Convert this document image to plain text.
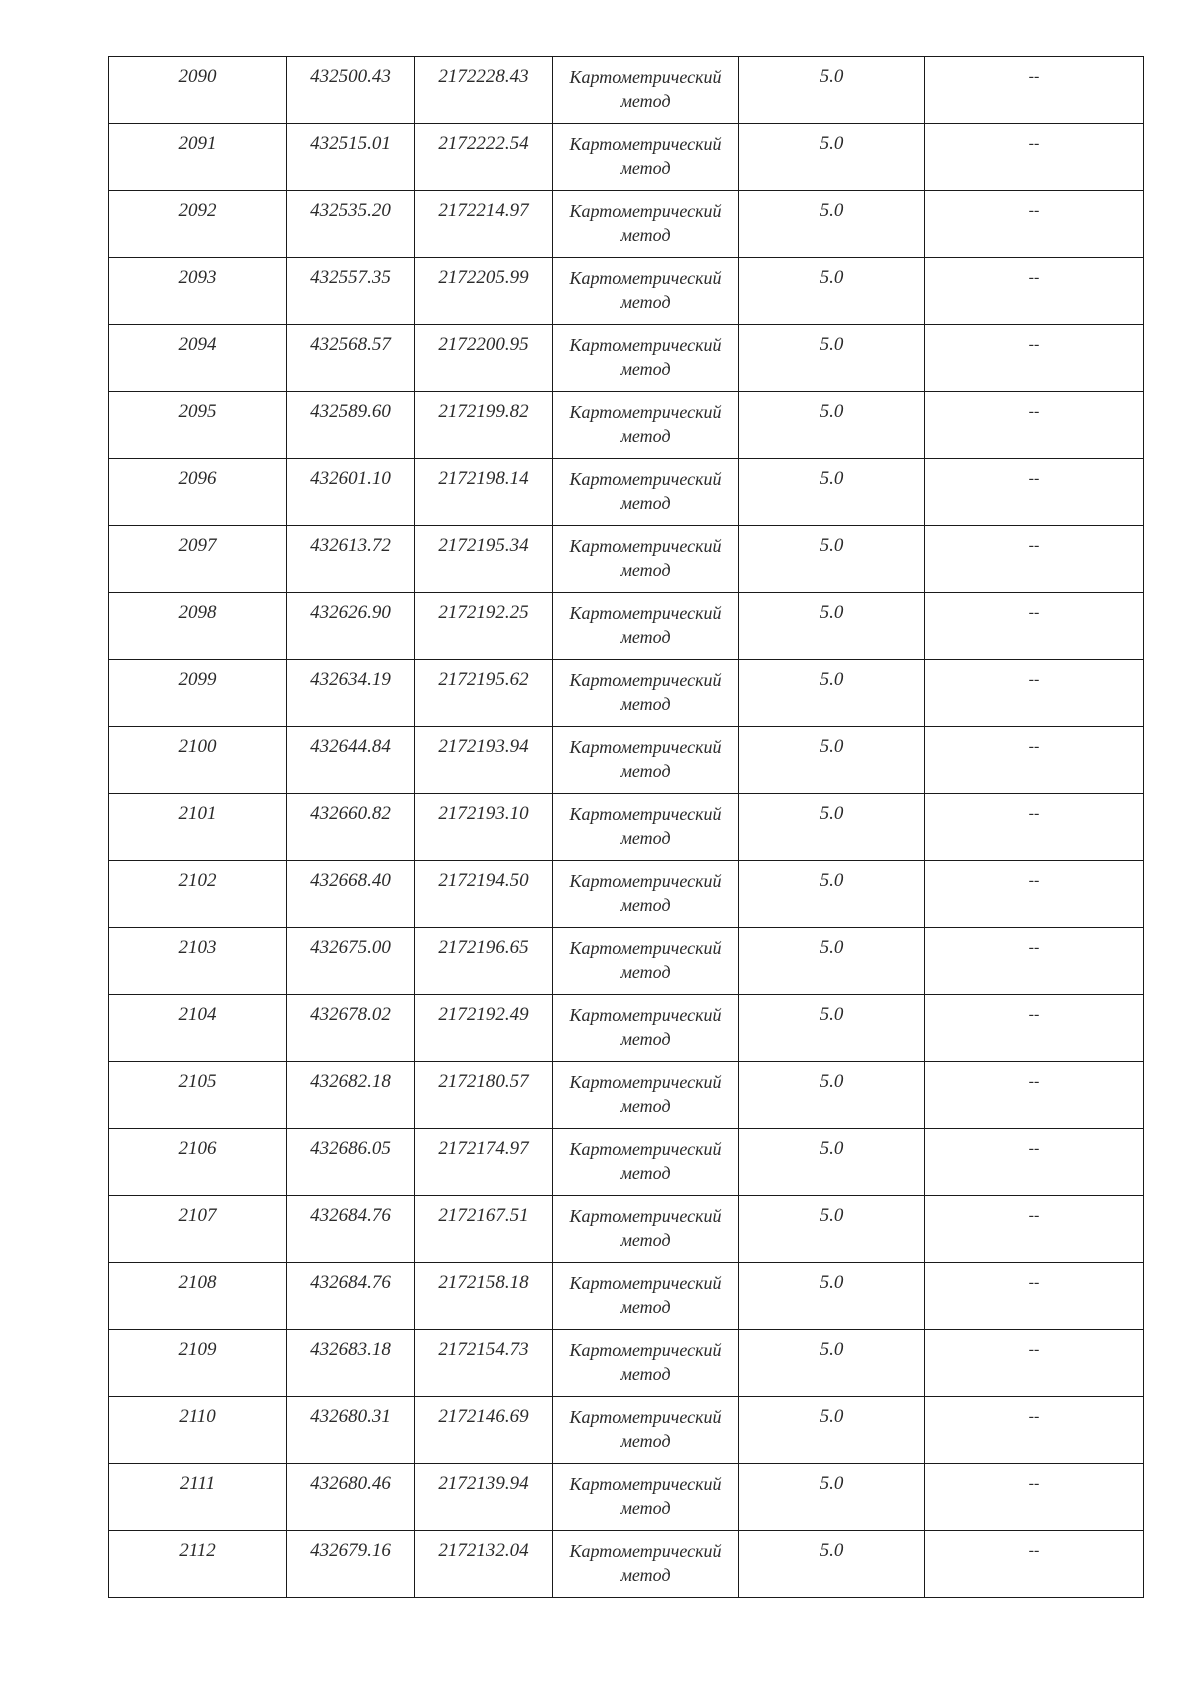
2090	432500.43	2172228.43	Картометрический
метод	5.0	--

2091	432515.01	2172222.54	Картометрический
метод	5.0	--

2092	432535.20	2172214.97	Картометрический
метод	5.0	--

2093	432557.35	2172205.99	Картометрический
метод	5.0	--

2094	432568.57	2172200.95	Картометрический
метод	5.0	--

2095	432589.60	2172199.82	Картометрический
метод	5.0	--

2096	432601.10	2172198.14	Картометрический
метод	5.0	--

2097	432613.72	2172195.34	Картометрический
метод	5.0	--

2098	432626.90	2172192.25	Картометрический
метод	5.0	--

2099	432634.19	2172195.62	Картометрический
метод	5.0	--

2100	432644.84	2172193.94	Картометрический
метод	5.0	--

2101	432660.82	2172193.10	Картометрический
метод	5.0	--

2102	432668.40	2172194.50	Картометрический
метод	5.0	--

2103	432675.00	2172196.65	Картометрический
метод	5.0	--

2104	432678.02	2172192.49	Картометрический
метод	5.0	--

2105	432682.18	2172180.57	Картометрический
метод	5.0	--

2106	432686.05	2172174.97	Картометрический
метод	5.0	--

2107	432684.76	2172167.51	Картометрический
метод	5.0	--

2108	432684.76	2172158.18	Картометрический
метод	5.0	--

2109	432683.18	2172154.73	Картометрический
метод	5.0	--

2110	432680.31	2172146.69	Картометрический
метод	5.0	--

2111	432680.46	2172139.94	Картометрический
метод	5.0	--

2112	432679.16	2172132.04	Картометрический
метод	5.0	--
